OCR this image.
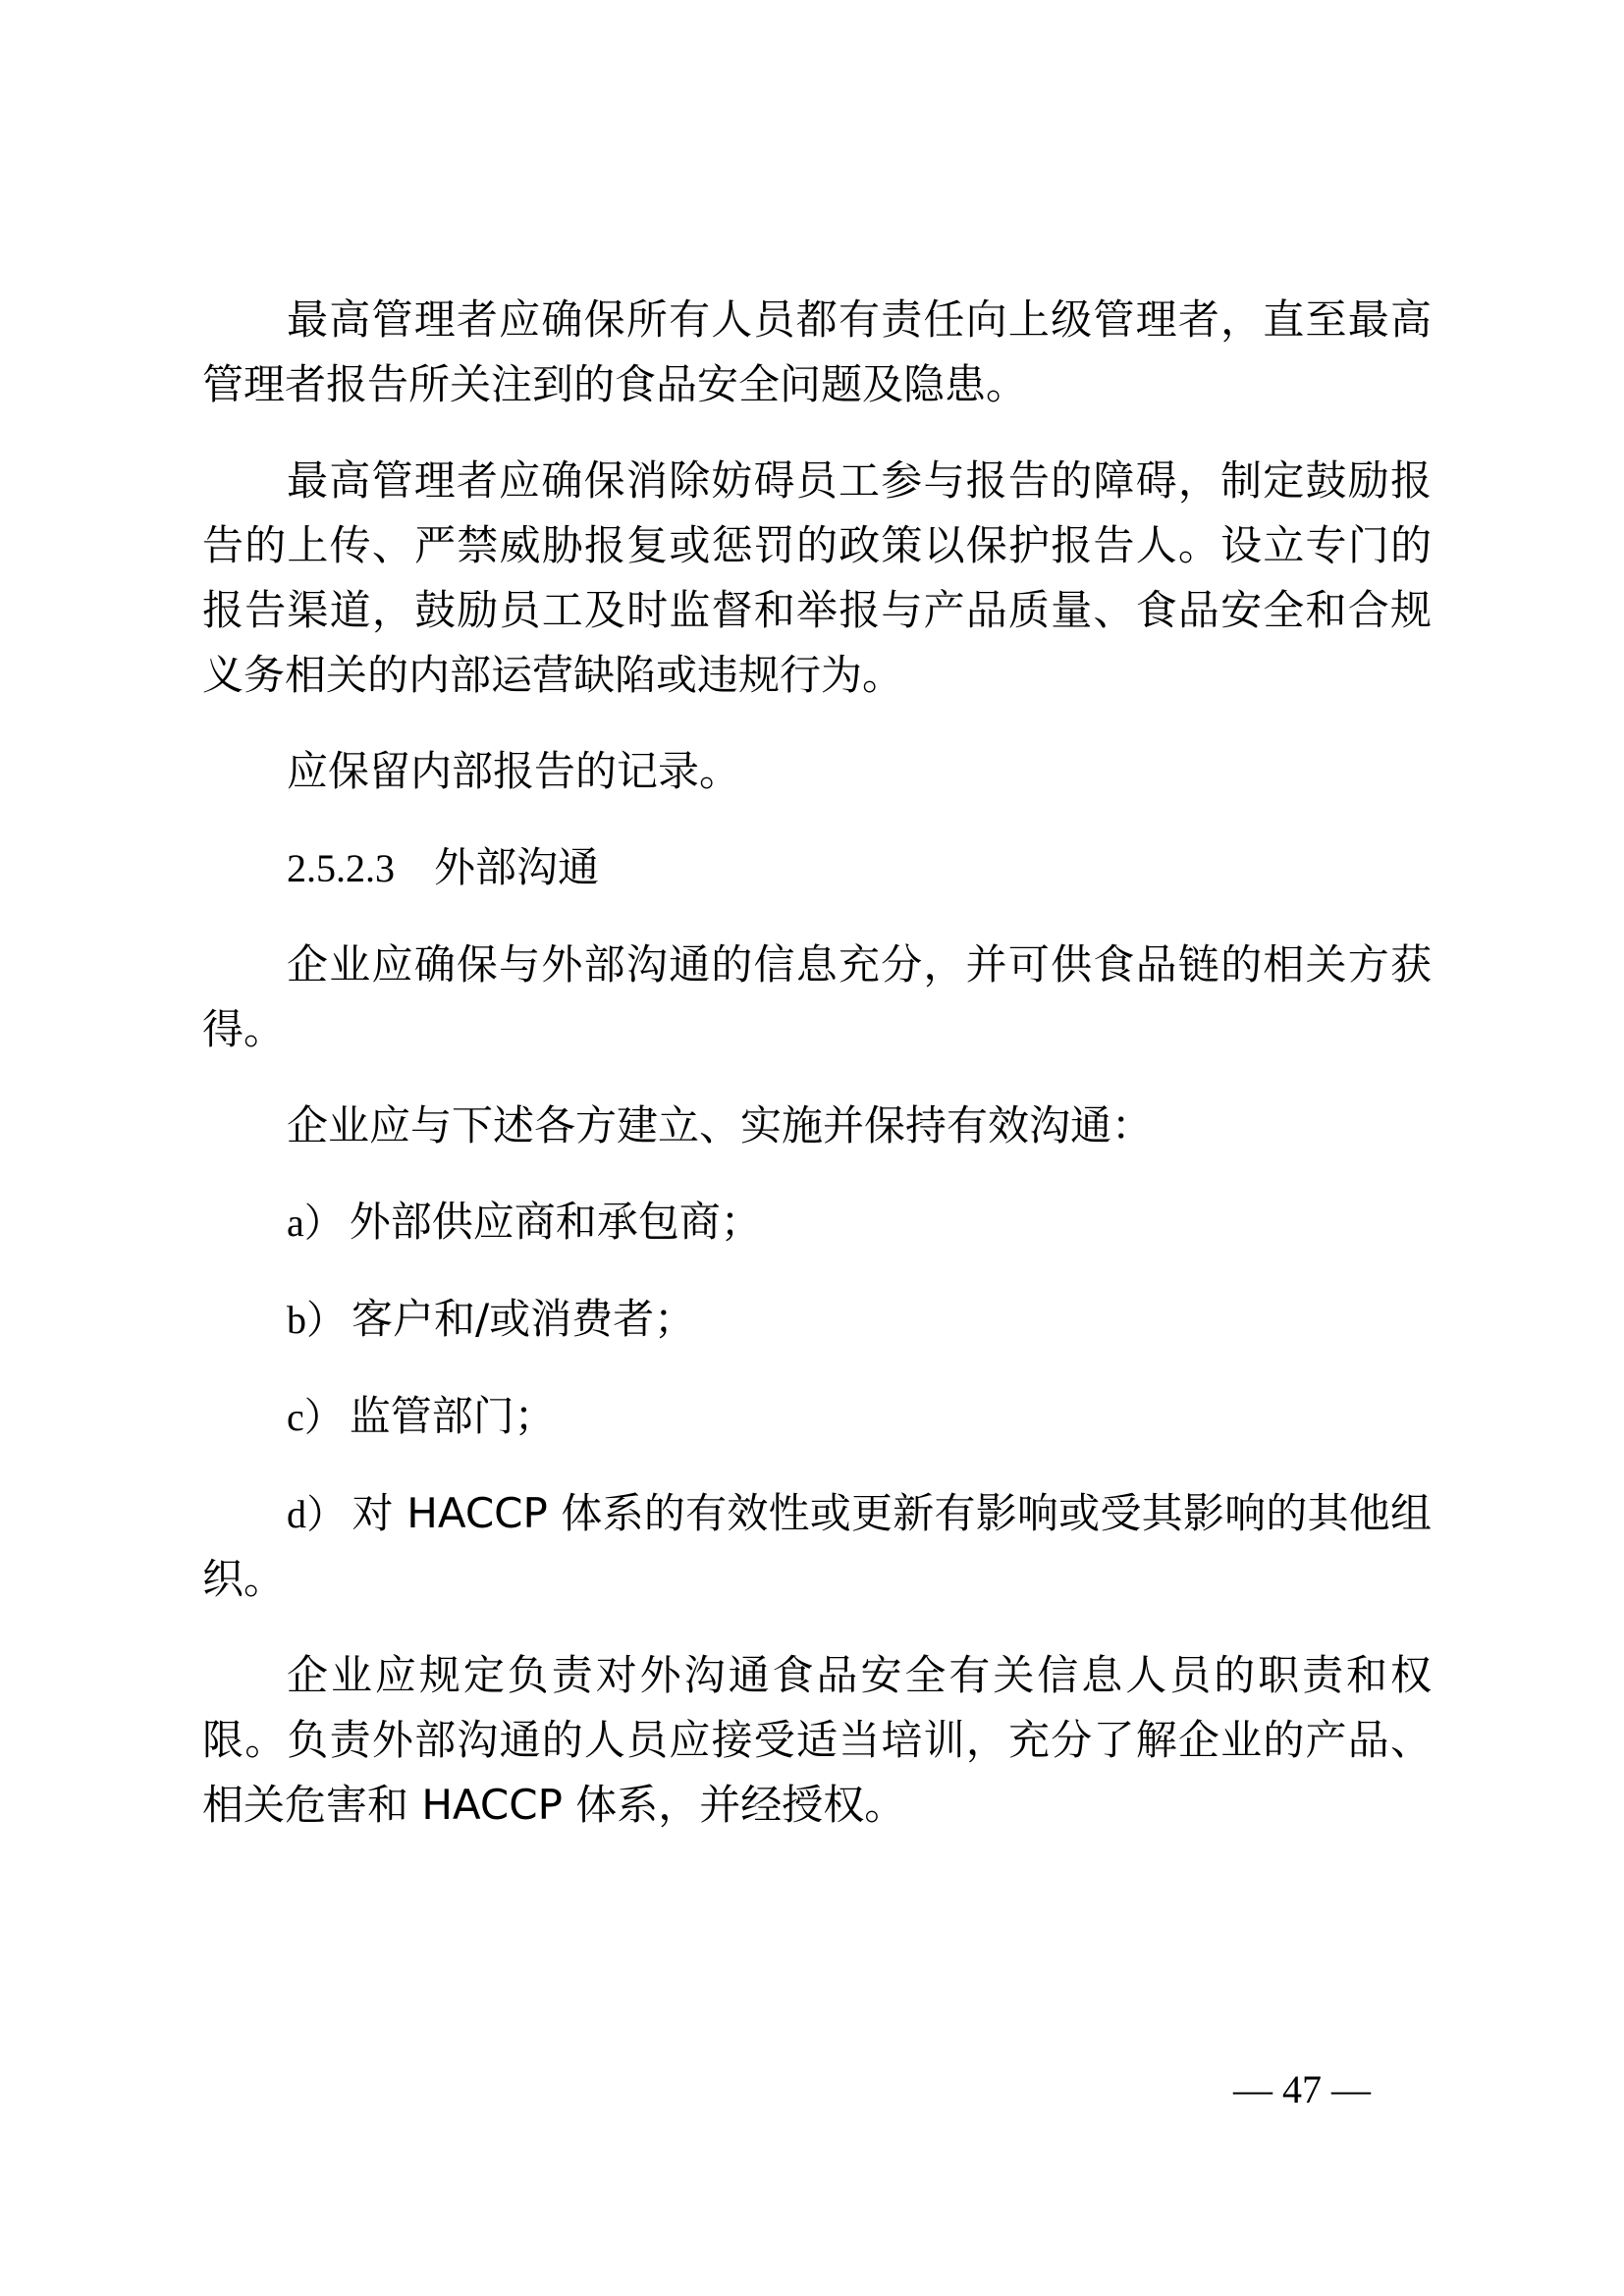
最高管理者应确保所有人员都有责任向上级管理者，直至最高管理者报告所关注到的食品安全问题及隐患。

最高管理者应确保消除妨碍员工参与报告的障碍，制定鼓励报告的上传、严禁威胁报复或惩罚的政策以保护报告人。设立专门的报告渠道，鼓励员工及时监督和举报与产品质量、食品安全和合规义务相关的内部运营缺陷或违规行为。

应保留内部报告的记录。

2.5.2.3 外部沟通

企业应确保与外部沟通的信息充分，并可供食品链的相关方获得。

企业应与下述各方建立、实施并保持有效沟通：

a） 外部供应商和承包商；

b） 客户和/或消费者；

c） 监管部门；

d） 对 HACCP 体系的有效性或更新有影响或受其影响的其他组织。

企业应规定负责对外沟通食品安全有关信息人员的职责和权限。负责外部沟通的人员应接受适当培训，充分了解企业的产品、相关危害和 HACCP 体系，并经授权。

— 47 —
